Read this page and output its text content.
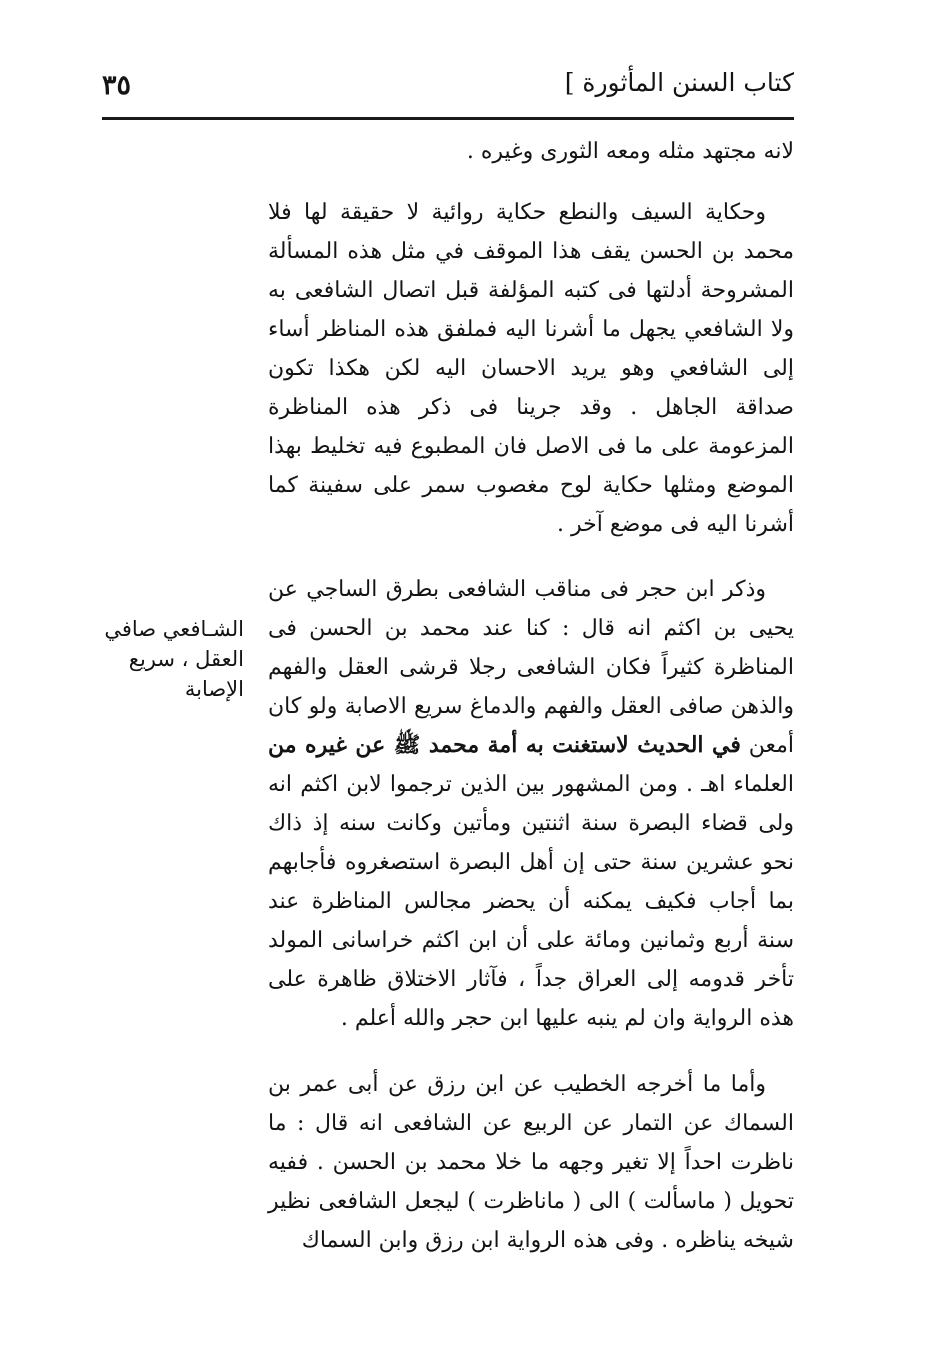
٣٥	كتاب السنن المأثورة ]

لانه مجتهد مثله ومعه الثورى وغيره .

وحكاية السيف والنطع حكاية روائية لا حقيقة لها فلا محمد بن الحسن يقف هذا الموقف في مثل هذه المسألة المشروحة أدلتها فى كتبه المؤلفة قبل اتصال الشافعى به ولا الشافعي يجهل ما أشرنا اليه فملفق هذه المناظر أساء إلى الشافعي وهو يريد الاحسان اليه لكن هكذا تكون صداقة الجاهل . وقد جرينا فى ذكر هذه المناظرة المزعومة على ما فى الاصل فان المطبوع فيه تخليط بهذا الموضع ومثلها حكاية لوح مغصوب سمر على سفينة كما أشرنا اليه فى موضع آخر .

وذكر ابن حجر فى مناقب الشافعى بطرق الساجي عن يحيى بن اكثم انه قال : كنا عند محمد بن الحسن فى المناظرة كثيراً فكان الشافعى رجلا قرشى العقل والفهم والذهن صافى العقل والفهم والدماغ سريع الاصابة ولو كان أمعن في الحديث لاستغنت به أمة محمد ﷺ عن غيره من العلماء اهـ . ومن المشهور بين الذين ترجموا لابن اكثم انه ولى قضاء البصرة سنة اثنتين ومأتين وكانت سنه إذ ذاك نحو عشرين سنة حتى إن أهل البصرة استصغروه فأجابهم بما أجاب فكيف يمكنه أن يحضر مجالس المناظرة عند سنة أربع وثمانين ومائة على أن ابن اكثم خراسانى المولد تأخر قدومه إلى العراق جداً ، فآثار الاختلاق ظاهرة على هذه الرواية وان لم ينبه عليها ابن حجر والله أعلم .

وأما ما أخرجه الخطيب عن ابن رزق عن أبى عمر بن السماك عن التمار عن الربيع عن الشافعى انه قال : ما ناظرت احداً إلا تغير وجهه ما خلا محمد بن الحسن . ففيه تحويل ( ماسألت ) الى ( ماناظرت ) ليجعل الشافعى نظير شيخه يناظره . وفى هذه الرواية ابن رزق وابن السماك

الشـافعي صافي العقل ، سريع الإصابة
